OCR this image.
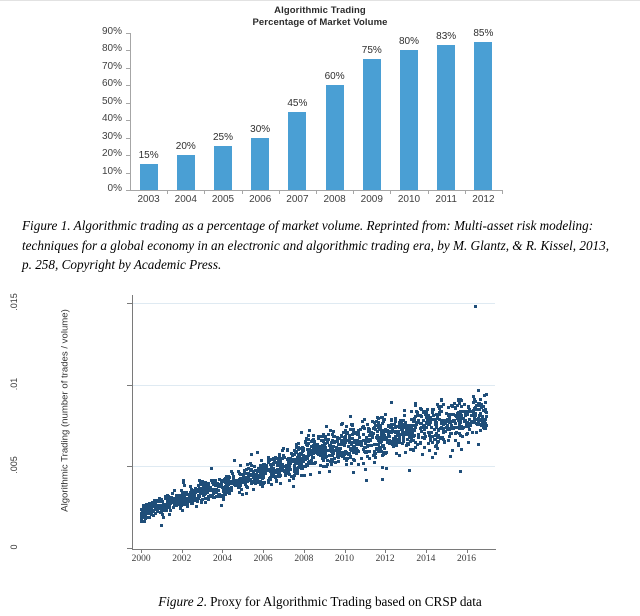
Algorithmic Trading
Percentage of Market Volume
0%
10%
20%
30%
40%
50%
60%
70%
80%
90%
2003	2004	2005	2006	2007	2008	2009	2010	2011	2012
15%
20%
25%
30%
45%
60%
75%
80%	83%	85%
Figure 1. Algorithmic trading as a percentage of market volume. Reprinted from: Multi-asset risk modeling: techniques for a global economy in an electronic and algorithmic trading era, by M. Glantz, & R. Kissel, 2013, p. 258, Copyright by Academic Press.
Algorithmic Trading (number of trades / volume)
0
.005
.01
.015
2000	2002	2004	2006	2008	2010	2012	2014	2016
Figure 2. Proxy for Algorithmic Trading based on CRSP data
